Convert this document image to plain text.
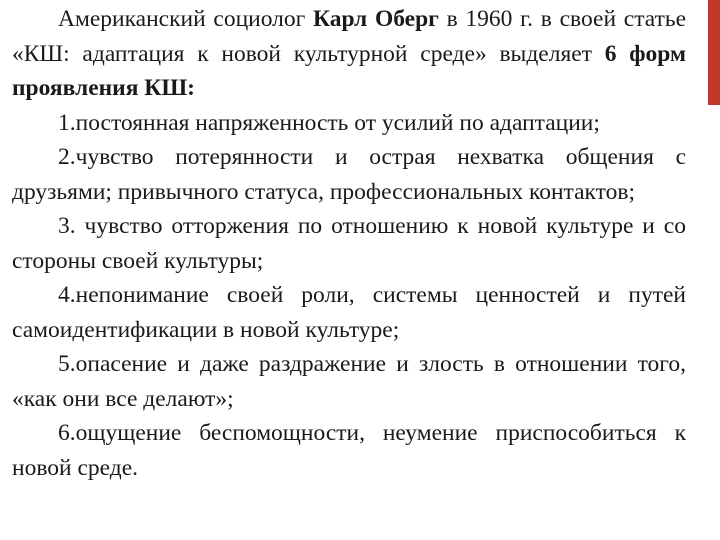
Американский социолог Карл Оберг в 1960 г. в своей статье «КШ: адаптация к новой культурной среде» выделяет 6 форм проявления КШ:

1.постоянная напряженность от усилий по адаптации;

2.чувство потерянности и острая нехватка общения с друзьями; привычного статуса, профессиональных контактов;

3. чувство отторжения по отношению к новой культуре и со стороны своей культуры;

4.непонимание своей роли, системы ценностей и путей самоидентификации в новой культуре;

5.опасение и даже раздражение и злость в отношении того, «как они все делают»;

6.ощущение беспомощности, неумение приспособиться к новой среде.
